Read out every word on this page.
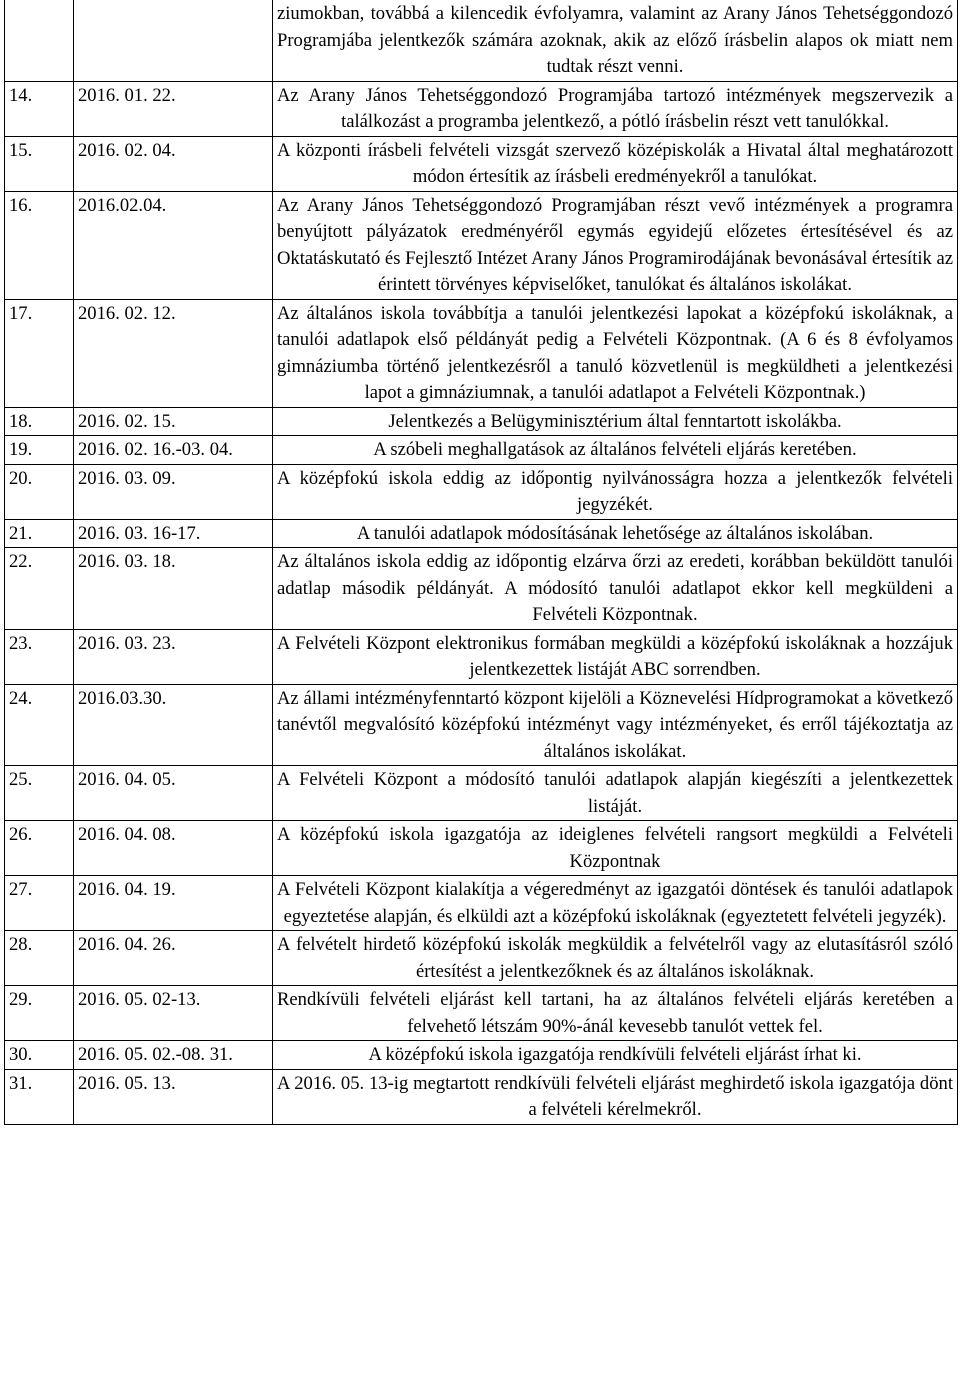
		ziumokban, továbbá a kilencedik évfolyamra, valamint az Arany János Tehetséggondozó Programjába jelentkezők számára azoknak, akik az előző írásbelin alapos ok miatt nem tudtak részt venni.
14.	2016. 01. 22.	Az Arany János Tehetséggondozó Programjába tartozó intézmények megszervezik a találkozást a programba jelentkező, a pótló írásbelin részt vett tanulókkal.
15.	2016. 02. 04.	A központi írásbeli felvételi vizsgát szervező középiskolák a Hivatal által meghatározott módon értesítik az írásbeli eredményekről a tanulókat.
16.	2016.02.04.	Az Arany János Tehetséggondozó Programjában részt vevő intézmények a programra benyújtott pályázatok eredményéről egymás egyidejű előzetes értesítésével és az Oktatáskutató és Fejlesztő Intézet Arany János Programirodájának bevonásával értesítik az érintett törvényes képviselőket, tanulókat és általános iskolákat.
17.	2016. 02. 12.	Az általános iskola továbbítja a tanulói jelentkezési lapokat a középfokú iskoláknak, a tanulói adatlapok első példányát pedig a Felvételi Központnak. (A 6 és 8 évfolyamos gimnáziumba történő jelentkezésről a tanuló közvetlenül is megküldheti a jelentkezési lapot a gimnáziumnak, a tanulói adatlapot a Felvételi Központnak.)
18.	2016. 02. 15.	Jelentkezés a Belügyminisztérium által fenntartott iskolákba.
19.	2016. 02. 16.-03. 04.	A szóbeli meghallgatások az általános felvételi eljárás keretében.
20.	2016. 03. 09.	A középfokú iskola eddig az időpontig nyilvánosságra hozza a jelentkezők felvételi jegyzékét.
21.	2016. 03. 16-17.	A tanulói adatlapok módosításának lehetősége az általános iskolában.
22.	2016. 03. 18.	Az általános iskola eddig az időpontig elzárva őrzi az eredeti, korábban beküldött tanulói adatlap második példányát. A módosító tanulói adatlapot ekkor kell megküldeni a Felvételi Központnak.
23.	2016. 03. 23.	A Felvételi Központ elektronikus formában megküldi a középfokú iskoláknak a hozzájuk jelentkezettek listáját ABC sorrendben.
24.	2016.03.30.	Az állami intézményfenntartó központ kijelöli a Köznevelési Hídprogramokat a következő tanévtől megvalósító középfokú intézményt vagy intézményeket, és erről tájékoztatja az általános iskolákat.
25.	2016. 04. 05.	A Felvételi Központ a módosító tanulói adatlapok alapján kiegészíti a jelentkezettek listáját.
26.	2016. 04. 08.	A középfokú iskola igazgatója az ideiglenes felvételi rangsort megküldi a Felvételi Központnak
27.	2016. 04. 19.	A Felvételi Központ kialakítja a végeredményt az igazgatói döntések és tanulói adatlapok egyeztetése alapján, és elküldi azt a középfokú iskoláknak (egyeztetett felvételi jegyzék).
28.	2016. 04. 26.	A felvételt hirdető középfokú iskolák megküldik a felvételről vagy az elutasításról szóló értesítést a jelentkezőknek és az általános iskoláknak.
29.	2016. 05. 02-13.	Rendkívüli felvételi eljárást kell tartani, ha az általános felvételi eljárás keretében a felvehető létszám 90%-ánál kevesebb tanulót vettek fel.
30.	2016. 05. 02.-08. 31.	A középfokú iskola igazgatója rendkívüli felvételi eljárást írhat ki.
31.	2016. 05. 13.	A 2016. 05. 13-ig megtartott rendkívüli felvételi eljárást meghirdető iskola igazgatója dönt a felvételi kérelmekről.
